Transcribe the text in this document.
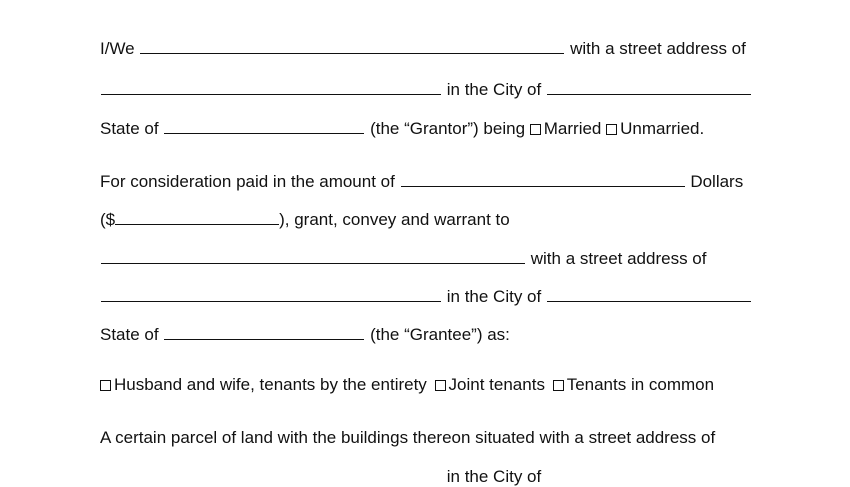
I/We	with a street address of
in the City of
State of	(the “Grantor”) being Married Unmarried.
For consideration paid in the amount of	Dollars
($	), grant, convey and warrant to
with a street address of
in the City of
State of	(the “Grantee”) as:
Husband and wife, tenants by the entirety Joint tenants Tenants in common
A certain parcel of land with the buildings thereon situated with a street address of
in the City of
